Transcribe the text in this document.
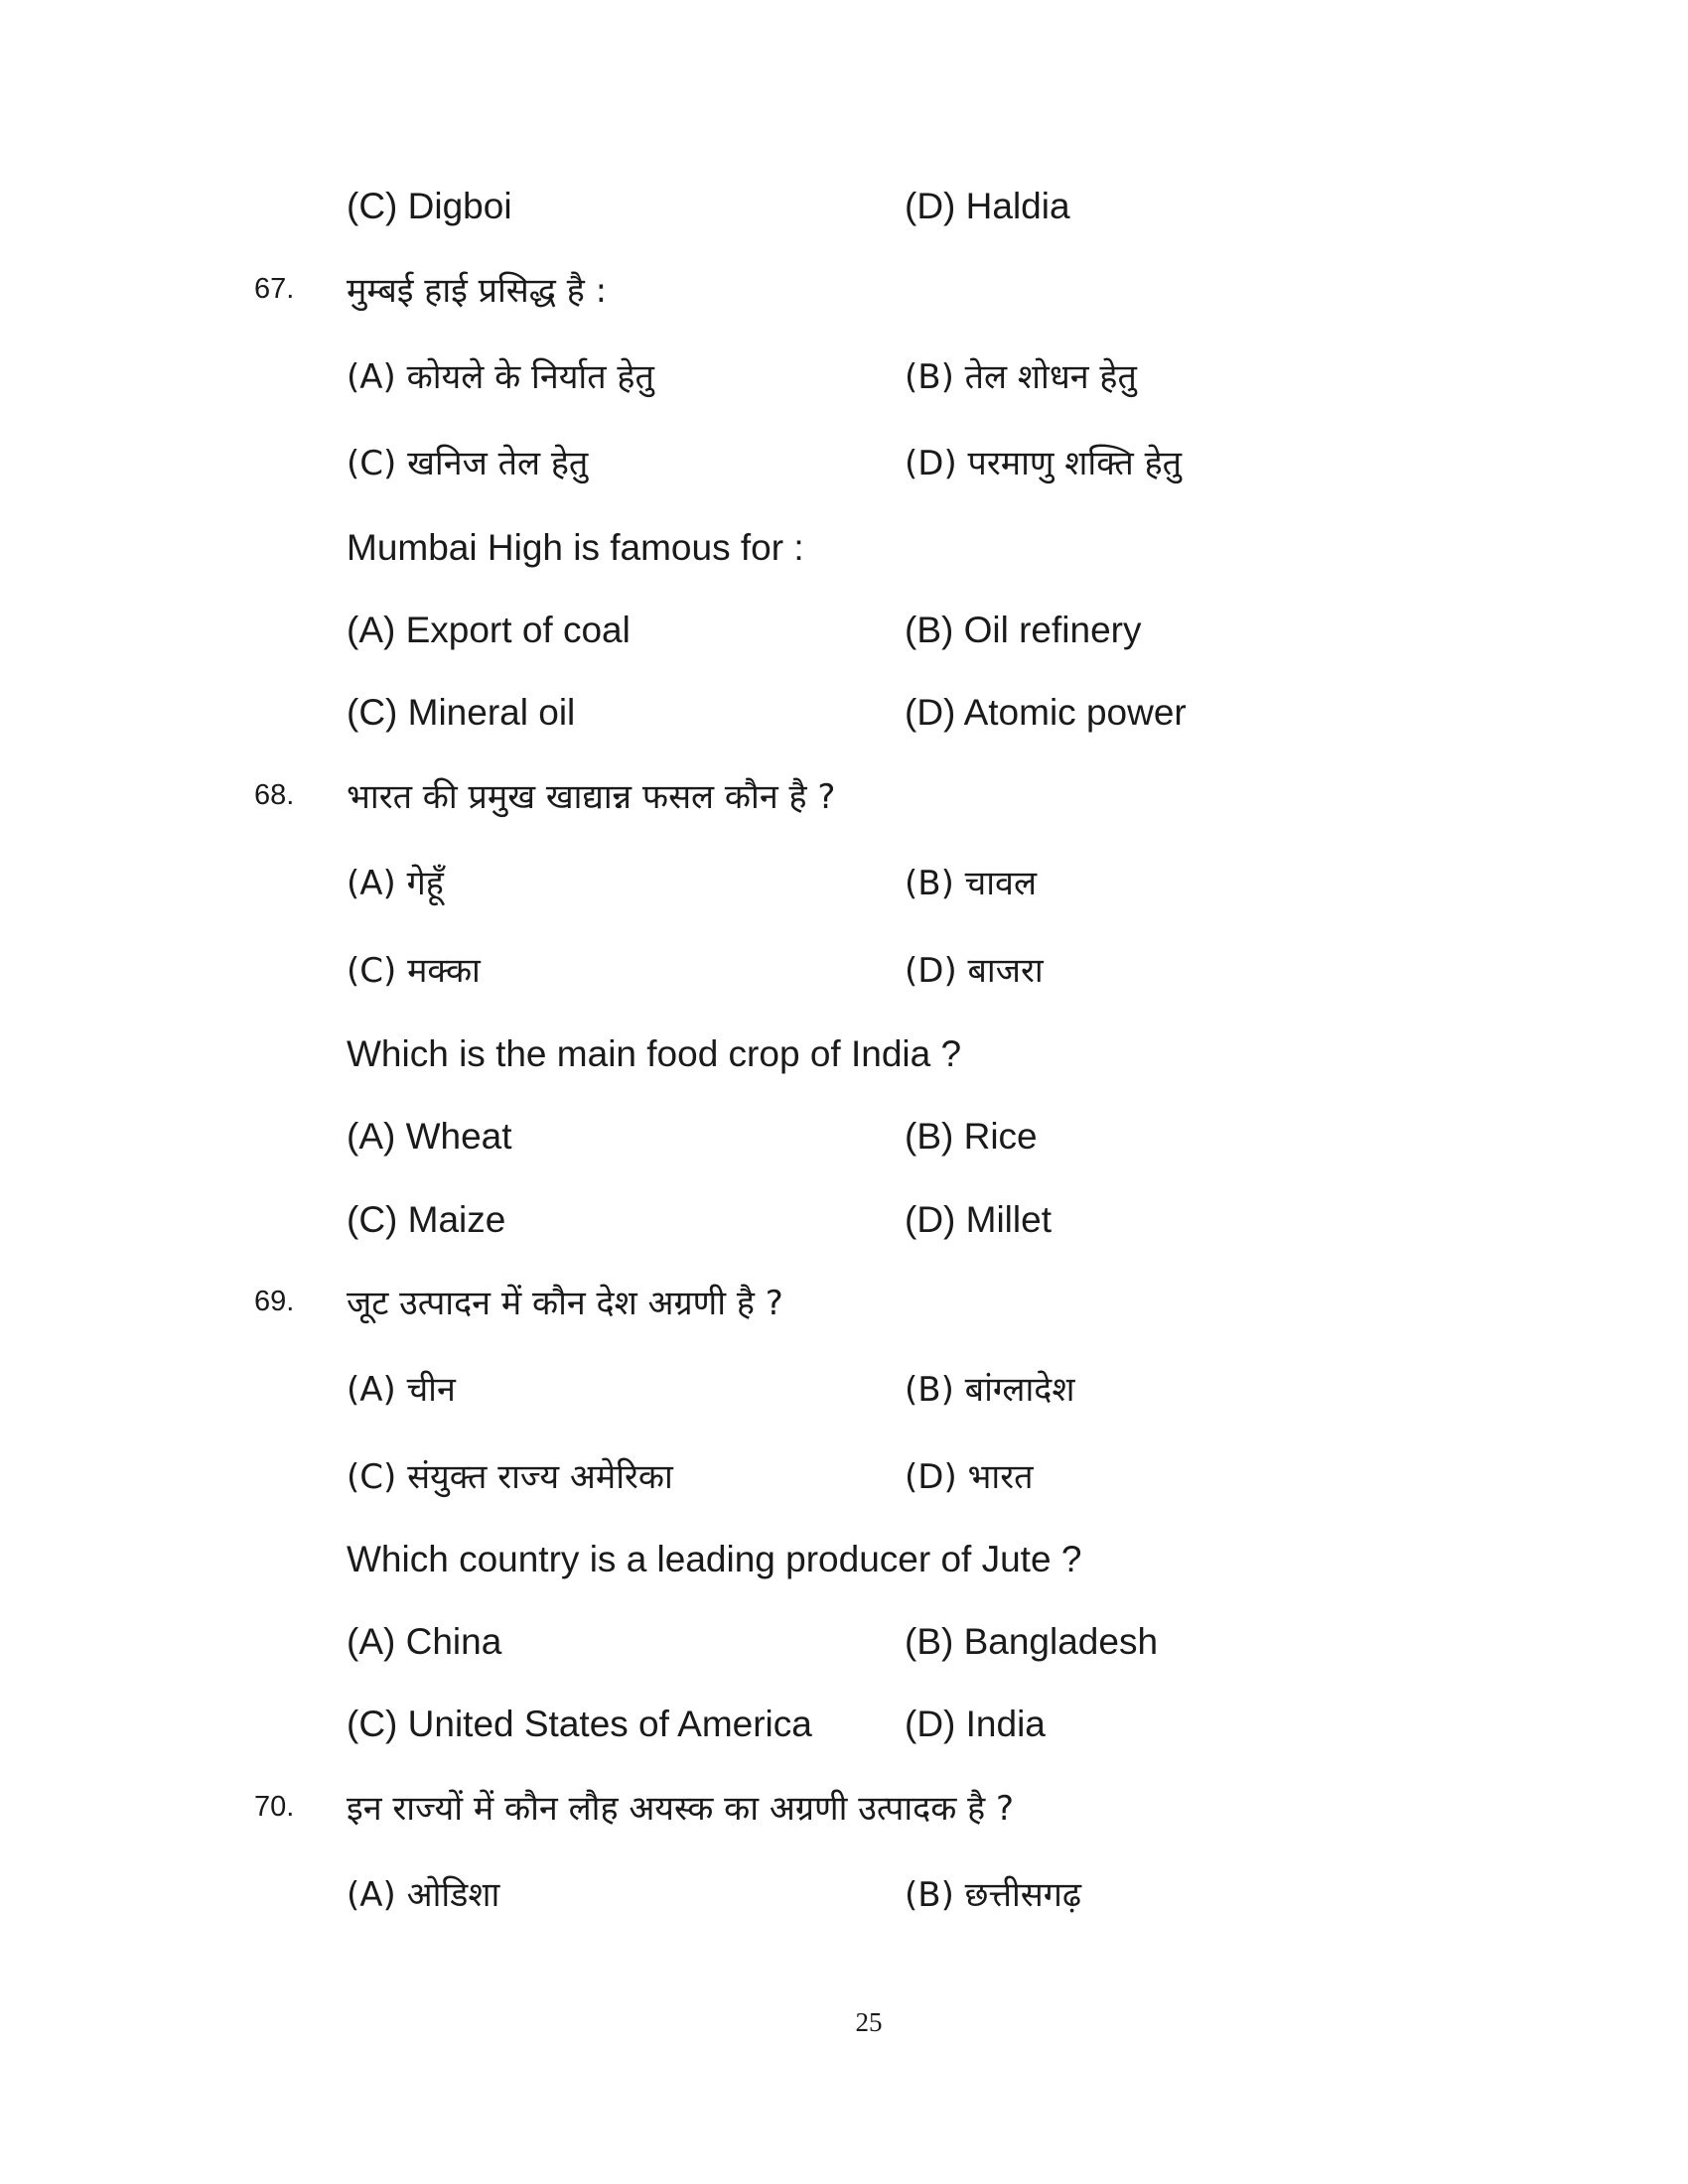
(C) Digboi	(D) Haldia
67. मुम्बई हाई प्रसिद्ध है :
(A) कोयले के निर्यात हेतु	(B) तेल शोधन हेतु
(C) खनिज तेल हेतु	(D) परमाणु शक्ति हेतु
Mumbai High is famous for :
(A) Export of coal	(B) Oil refinery
(C) Mineral oil	(D) Atomic power
68. भारत की प्रमुख खाद्यान्न फसल कौन है ?
(A) गेहूँ	(B) चावल
(C) मक्का	(D) बाजरा
Which is the main food crop of India ?
(A) Wheat	(B) Rice
(C) Maize	(D) Millet
69. जूट उत्पादन में कौन देश अग्रणी है ?
(A) चीन	(B) बांग्लादेश
(C) संयुक्त राज्य अमेरिका	(D) भारत
Which country is a leading producer of Jute ?
(A) China	(B) Bangladesh
(C) United States of America	(D) India
70. इन राज्यों में कौन लौह अयस्क का अग्रणी उत्पादक है ?
(A) ओडिशा	(B) छत्तीसगढ़
25
